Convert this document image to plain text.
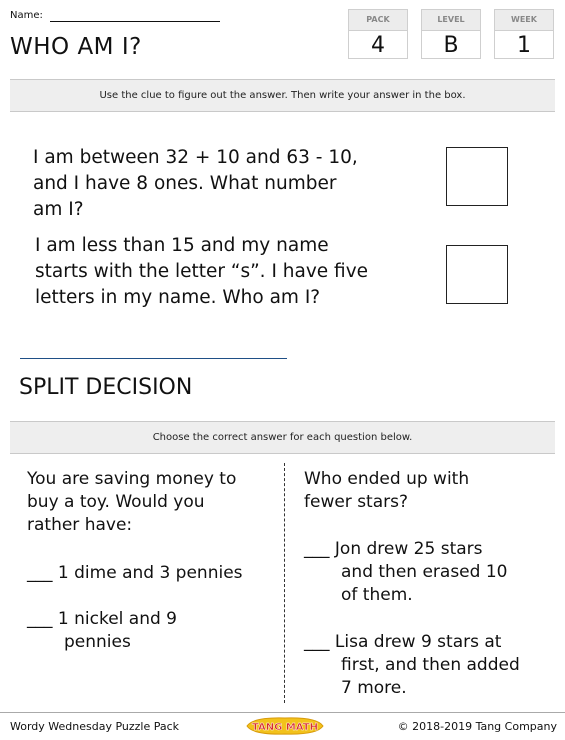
Name:
WHO AM I?
PACK
4
LEVEL
B
WEEK
1
Use the clue to figure out the answer. Then write your answer in the box.
I am between 32 + 10 and 63 - 10,
and I have 8 ones. What number
am I?
I am less than 15 and my name
starts with the letter “s”. I have five
letters in my name. Who am I?
SPLIT DECISION
Choose the correct answer for each question below.
You are saving money to
buy a toy. Would you
rather have:
___ 1 dime and 3 pennies
___ 1 nickel and 9
pennies
Who ended up with
fewer stars?
___ Jon drew 25 stars
and then erased 10
of them.
___ Lisa drew 9 stars at
first, and then added
7 more.
Wordy Wednesday Puzzle Pack	TANG MATH	© 2018-2019 Tang Company
